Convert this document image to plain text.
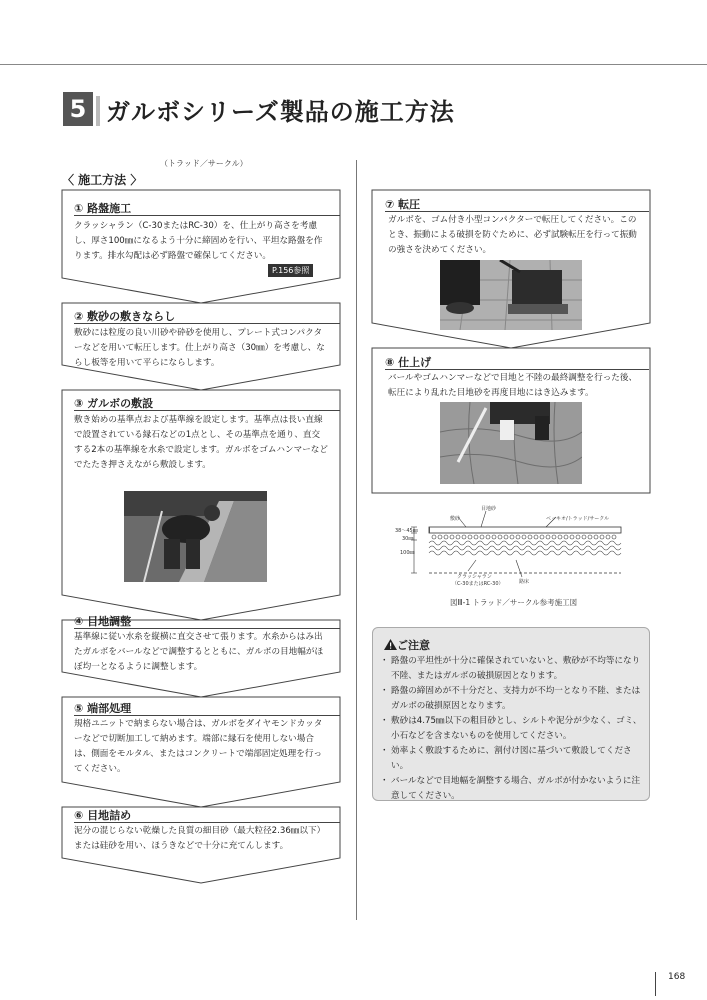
5 ガルボシリーズ製品の施工方法
（トラッド／サークル）
〈 施工方法 〉
① 路盤施工
クラッシャラン（C-30またはRC-30）を、仕上がり高さを考慮し、厚さ100㎜になるよう十分に締固めを行い、平坦な路盤を作ります。排水勾配は必ず路盤で確保してください。
P.156参照
② 敷砂の敷きならし
敷砂には粒度の良い川砂や砕砂を使用し、プレート式コンパクターなどを用いて転圧します。仕上がり高さ（30㎜）を考慮し、ならし板等を用いて平らにならします。
③ ガルボの敷設
敷き始めの基準点および基準線を設定します。基準点は長い直線で設置されている縁石などの1点とし、その基準点を通り、直交する2本の基準線を水糸で設定します。ガルボをゴムハンマーなどでたたき押さえながら敷設します。
④ 目地調整
基準線に従い水糸を縦横に直交させて張ります。水糸からはみ出たガルボをバールなどで調整するとともに、ガルボの目地幅がほぼ均一となるように調整します。
⑤ 端部処理
規格ユニットで納まらない場合は、ガルボをダイヤモンドカッターなどで切断加工して納めます。端部に縁石を使用しない場合は、側面をモルタル、またはコンクリートで端部固定処理を行ってください。
⑥ 目地詰め
泥分の混じらない乾燥した良質の細目砂（最大粒径2.36㎜以下）または硅砂を用い、ほうきなどで十分に充てんします。
⑦ 転圧
ガルボを、ゴム付き小型コンパクターで転圧してください。このとき、振動による破損を防ぐために、必ず試験転圧を行って振動の強さを決めてください。
⑧ 仕上げ
バールやゴムハンマーなどで目地と不陸の最終調整を行った後、転圧により乱れた目地砂を再度目地にはき込みます。
目地砂
敷砂	ベッキオ/トラッド/サークル
38〜45㎜
30㎜
100㎜
クラッシャラン
（C-30またはRC-30）	路床
図Ⅲ-1 トラッド／サークル参考施工図
ご注意
・ 路盤の平坦性が十分に確保されていないと、敷砂が不均等になり不陸、またはガルボの破損原因となります。
・ 路盤の締固めが不十分だと、支持力が不均一となり不陸、またはガルボの破損原因となります。
・ 敷砂は4.75㎜以下の粗目砂とし、シルトや泥分が少なく、ゴミ、小石などを含まないものを使用してください。
・ 効率よく敷設するために、割付け図に基づいて敷設してください。
・ バールなどで目地幅を調整する場合、ガルボが付かないように注意してください。
168
